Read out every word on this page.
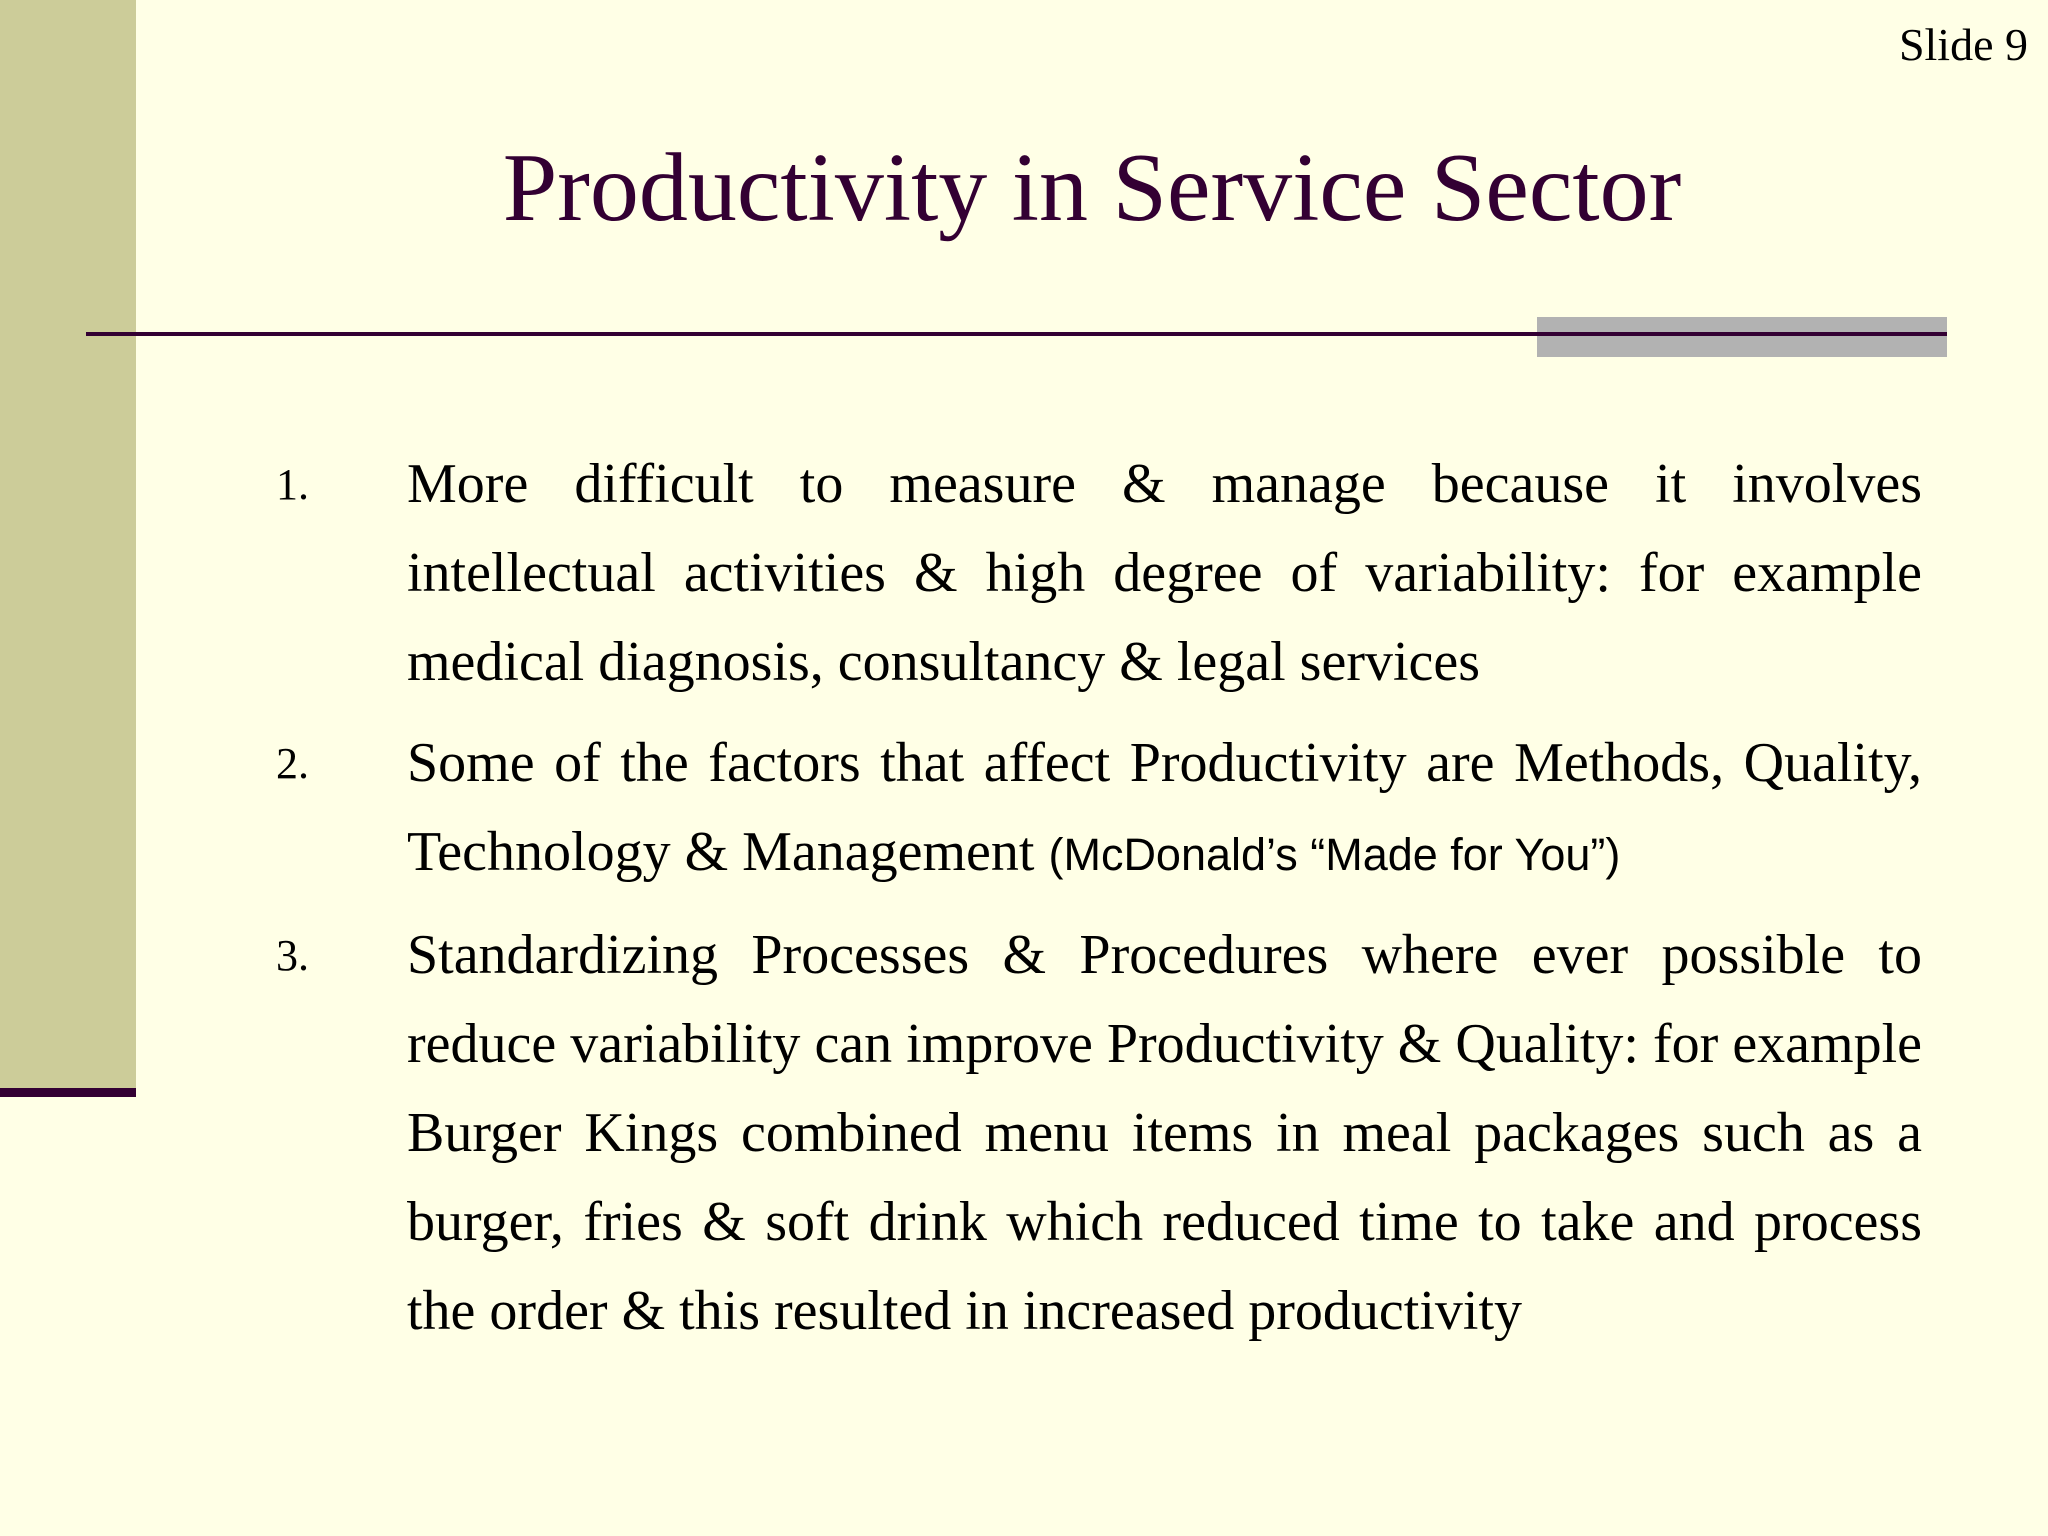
Slide 9
Productivity in Service Sector
1. More difficult to measure & manage because it involves intellectual activities & high degree of variability: for example medical diagnosis, consultancy & legal services
2. Some of the factors that affect Productivity are Methods, Quality, Technology & Management (McDonald’s “Made for You”)
3. Standardizing Processes & Procedures where ever possible to reduce variability can improve Productivity & Quality: for example Burger Kings combined menu items in meal packages such as a burger, fries & soft drink which reduced time to take and process the order & this resulted in increased productivity
